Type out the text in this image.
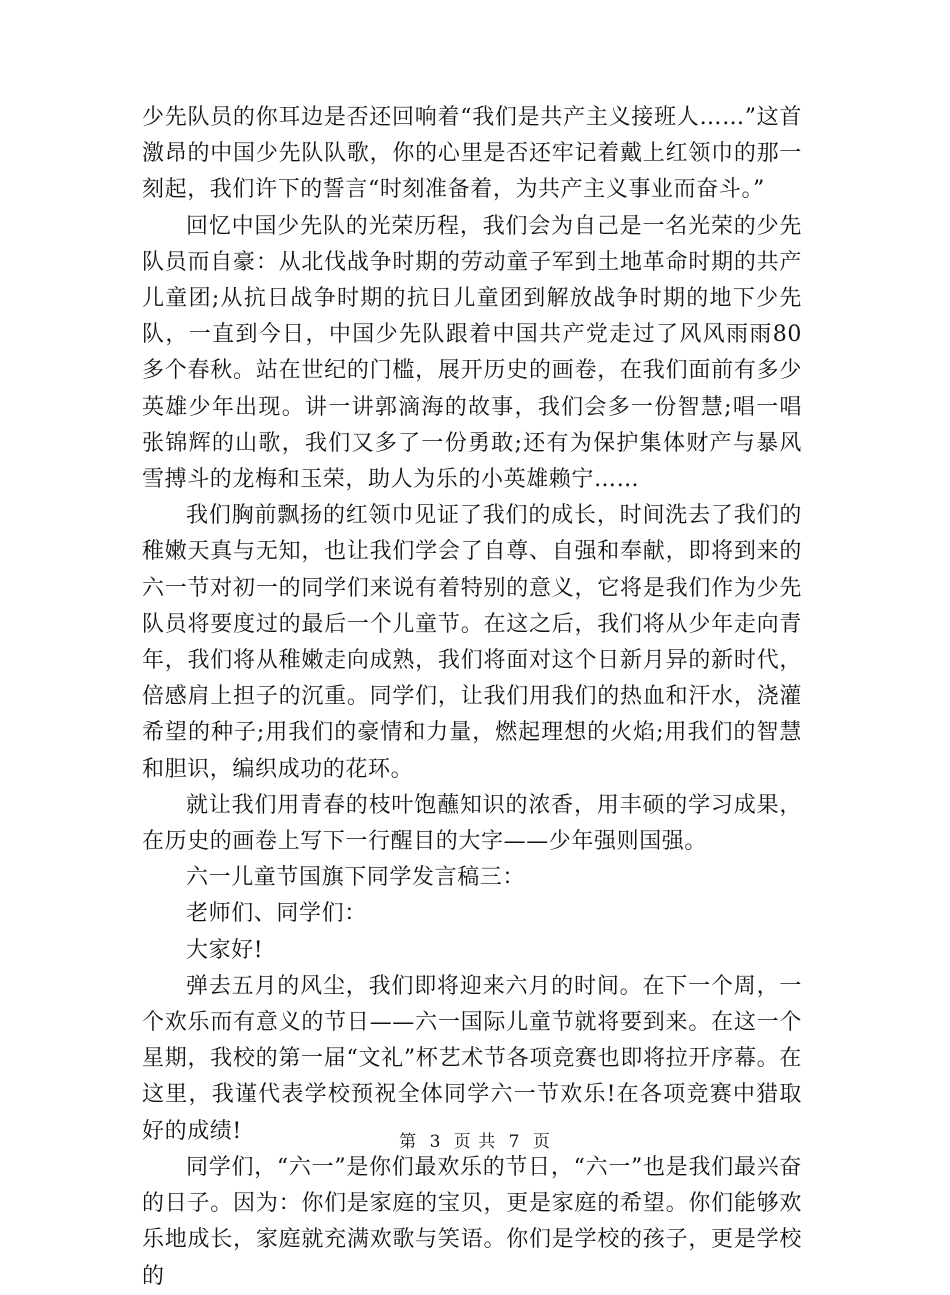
少先队员的你耳边是否还回响着“我们是共产主义接班人……”这首激昂的中国少先队队歌，你的心里是否还牢记着戴上红领巾的那一刻起，我们许下的誓言“时刻准备着，为共产主义事业而奋斗。”

回忆中国少先队的光荣历程，我们会为自己是一名光荣的少先队员而自豪：从北伐战争时期的劳动童子军到土地革命时期的共产儿童团;从抗日战争时期的抗日儿童团到解放战争时期的地下少先队，一直到今日，中国少先队跟着中国共产党走过了风风雨雨80多个春秋。站在世纪的门槛，展开历史的画卷，在我们面前有多少英雄少年出现。讲一讲郭滴海的故事，我们会多一份智慧;唱一唱张锦辉的山歌，我们又多了一份勇敢;还有为保护集体财产与暴风雪搏斗的龙梅和玉荣，助人为乐的小英雄赖宁……

我们胸前飘扬的红领巾见证了我们的成长，时间洗去了我们的稚嫩天真与无知，也让我们学会了自尊、自强和奉献，即将到来的六一节对初一的同学们来说有着特别的意义，它将是我们作为少先队员将要度过的最后一个儿童节。在这之后，我们将从少年走向青年，我们将从稚嫩走向成熟，我们将面对这个日新月异的新时代，倍感肩上担子的沉重。同学们，让我们用我们的热血和汗水，浇灌希望的种子;用我们的豪情和力量，燃起理想的火焰;用我们的智慧和胆识，编织成功的花环。

就让我们用青春的枝叶饱蘸知识的浓香，用丰硕的学习成果，在历史的画卷上写下一行醒目的大字——少年强则国强。

六一儿童节国旗下同学发言稿三：

老师们、同学们：

大家好!

弹去五月的风尘，我们即将迎来六月的时间。在下一个周，一个欢乐而有意义的节日——六一国际儿童节就将要到来。在这一个星期，我校的第一届“文礼”杯艺术节各项竞赛也即将拉开序幕。在这里，我谨代表学校预祝全体同学六一节欢乐!在各项竞赛中猎取好的成绩!

同学们，“六一”是你们最欢乐的节日，“六一”也是我们最兴奋的日子。因为：你们是家庭的宝贝，更是家庭的希望。你们能够欢乐地成长，家庭就充满欢歌与笑语。你们是学校的孩子，更是学校的

第 3 页 共 7 页
